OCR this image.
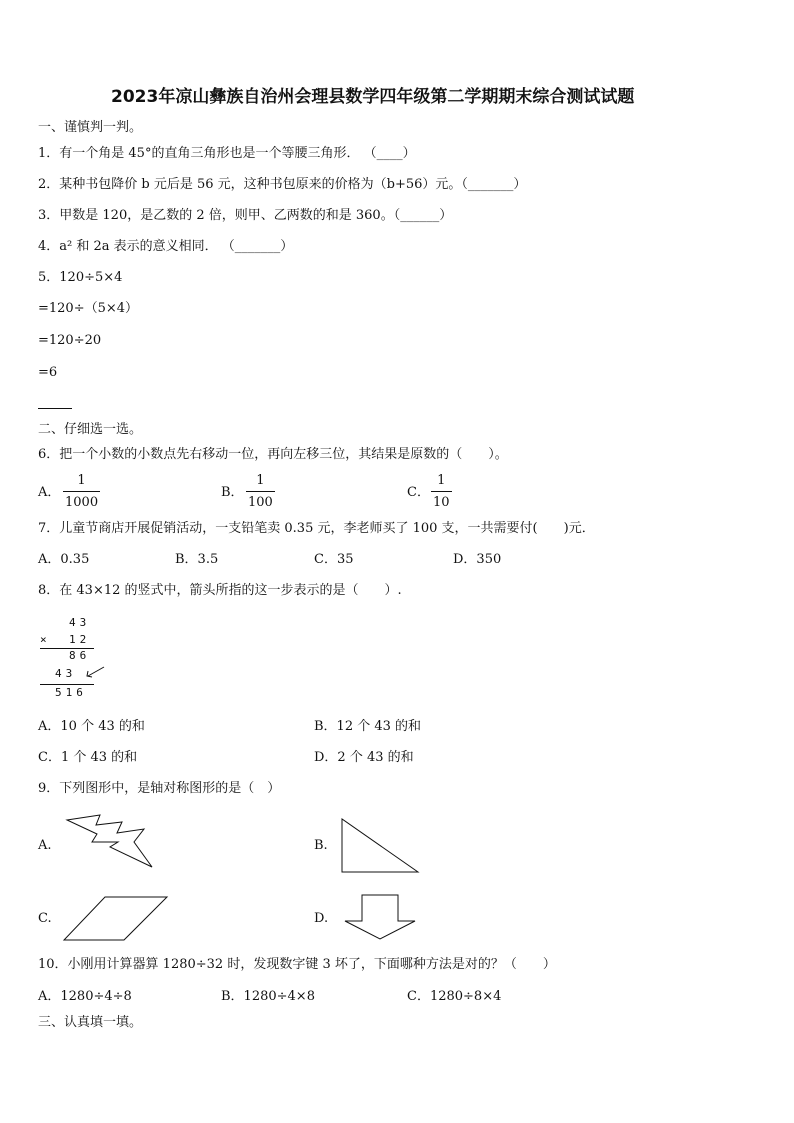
2023年凉山彝族自治州会理县数学四年级第二学期期末综合测试试题
一、谨慎判一判。
1．有一个角是 45°的直角三角形也是一个等腰三角形． （____）
2．某种书包降价 b 元后是 56 元，这种书包原来的价格为（b+56）元。（_______）
3．甲数是 120，是乙数的 2 倍，则甲、乙两数的和是 360。（______）
4．a² 和 2a 表示的意义相同． （_______）
5．120÷5×4
=120÷（5×4）
=120÷20
=6
二、仔细选一选。
6．把一个小数的小数点先右移动一位，再向左移三位，其结果是原数的（　　）。
A．
1
1000
B．
1
100
C．
1
10
7．儿童节商店开展促销活动，一支铅笔卖 0.35 元，李老师买了 100 支，一共需要付(　　)元．
A．0.35	B．3.5	C．35	D．350
8．在 43×12 的竖式中，箭头所指的这一步表示的是（　　）.
43
× 12
86
43
516
A．10 个 43 的和	B．12 个 43 的和
C．1 个 43 的和	D．2 个 43 的和
9．下列图形中，是轴对称图形的是（　）
A.	B.
C.	D.
10．小刚用计算器算 1280÷32 时，发现数字键 3 坏了，下面哪种方法是对的？（　　）
A．1280÷4÷8	B．1280÷4×8	C．1280÷8×4
三、认真填一填。
